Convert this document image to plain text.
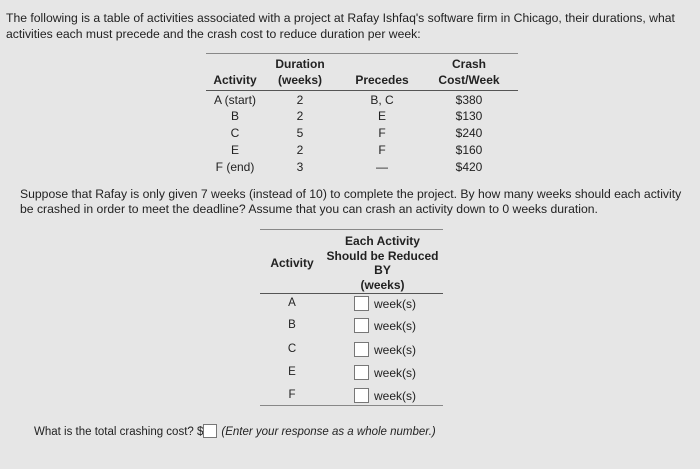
The following is a table of activities associated with a project at Rafay Ishfaq's software firm in Chicago, their durations, what activities each must precede and the crash cost to reduce duration per week:
Duration	Crash
Activity	(weeks)	Precedes	Cost/Week
A (start)	2	B, C	$380
B	2	E	$130
C	5	F	$240
E	2	F	$160
F (end)	3	—	$420
Suppose that Rafay is only given 7 weeks (instead of 10) to complete the project. By how many weeks should each activity be crashed in order to meet the deadline? Assume that you can crash an activity down to 0 weeks duration.
Activity
Each Activity
Should be Reduced
BY
(weeks)
A	week(s)
B	week(s)
C	week(s)
E	week(s)
F	week(s)
What is the total crashing cost? $ (Enter your response as a whole number.)
